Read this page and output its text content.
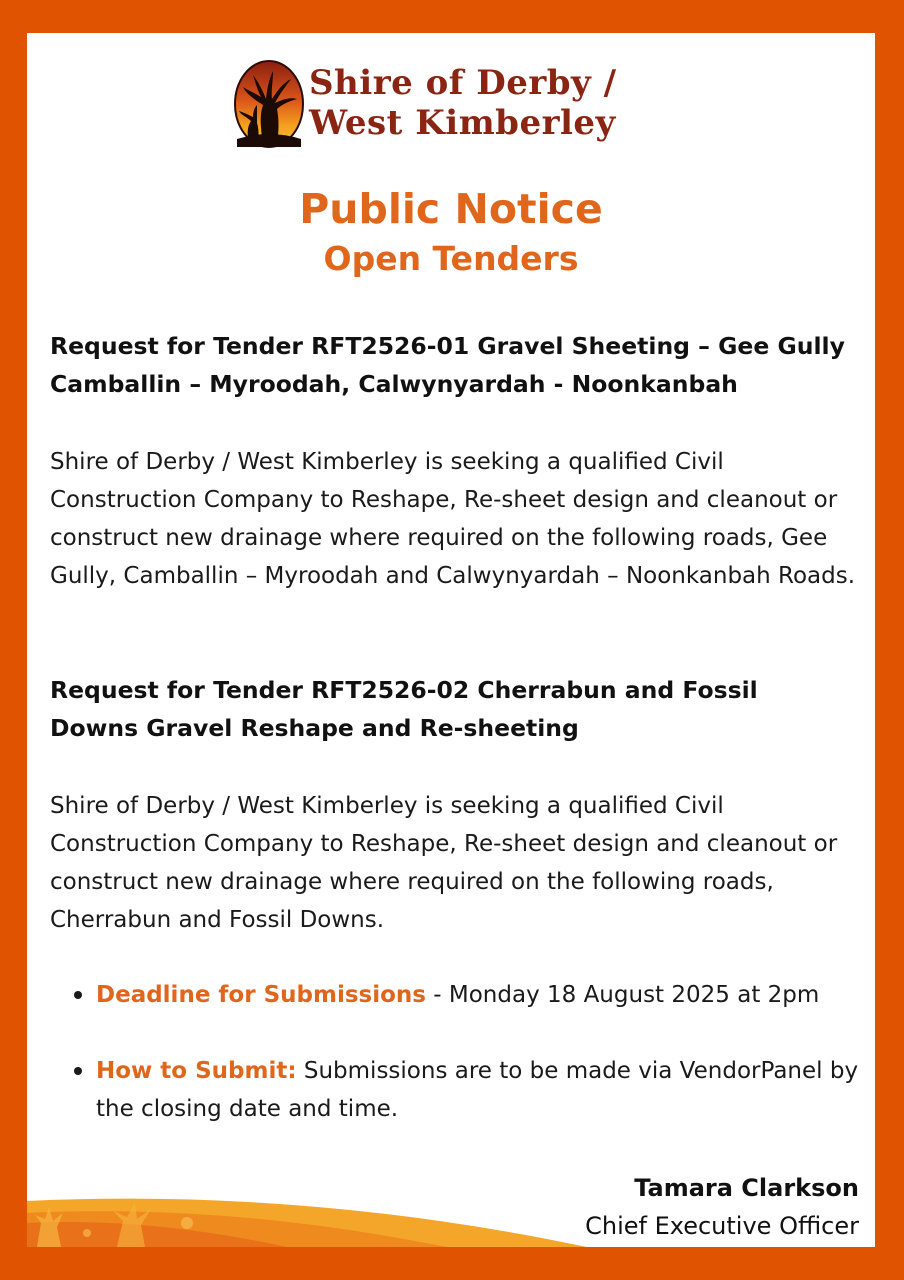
Shire of Derby /
West Kimberley
Public Notice
Open Tenders
Request for Tender RFT2526-01 Gravel Sheeting – Gee Gully Camballin – Myroodah, Calwynyardah - Noonkanbah
Shire of Derby / West Kimberley is seeking a qualified Civil Construction Company to Reshape, Re-sheet design and cleanout or construct new drainage where required on the following roads, Gee Gully, Camballin – Myroodah and Calwynyardah – Noonkanbah Roads.
Request for Tender RFT2526-02 Cherrabun and Fossil Downs Gravel Reshape and Re-sheeting
Shire of Derby / West Kimberley is seeking a qualified Civil Construction Company to Reshape, Re-sheet design and cleanout or construct new drainage where required on the following roads, Cherrabun and Fossil Downs.
Deadline for Submissions - Monday 18 August 2025 at 2pm
How to Submit: Submissions are to be made via VendorPanel by the closing date and time.
Tamara Clarkson
Chief Executive Officer
